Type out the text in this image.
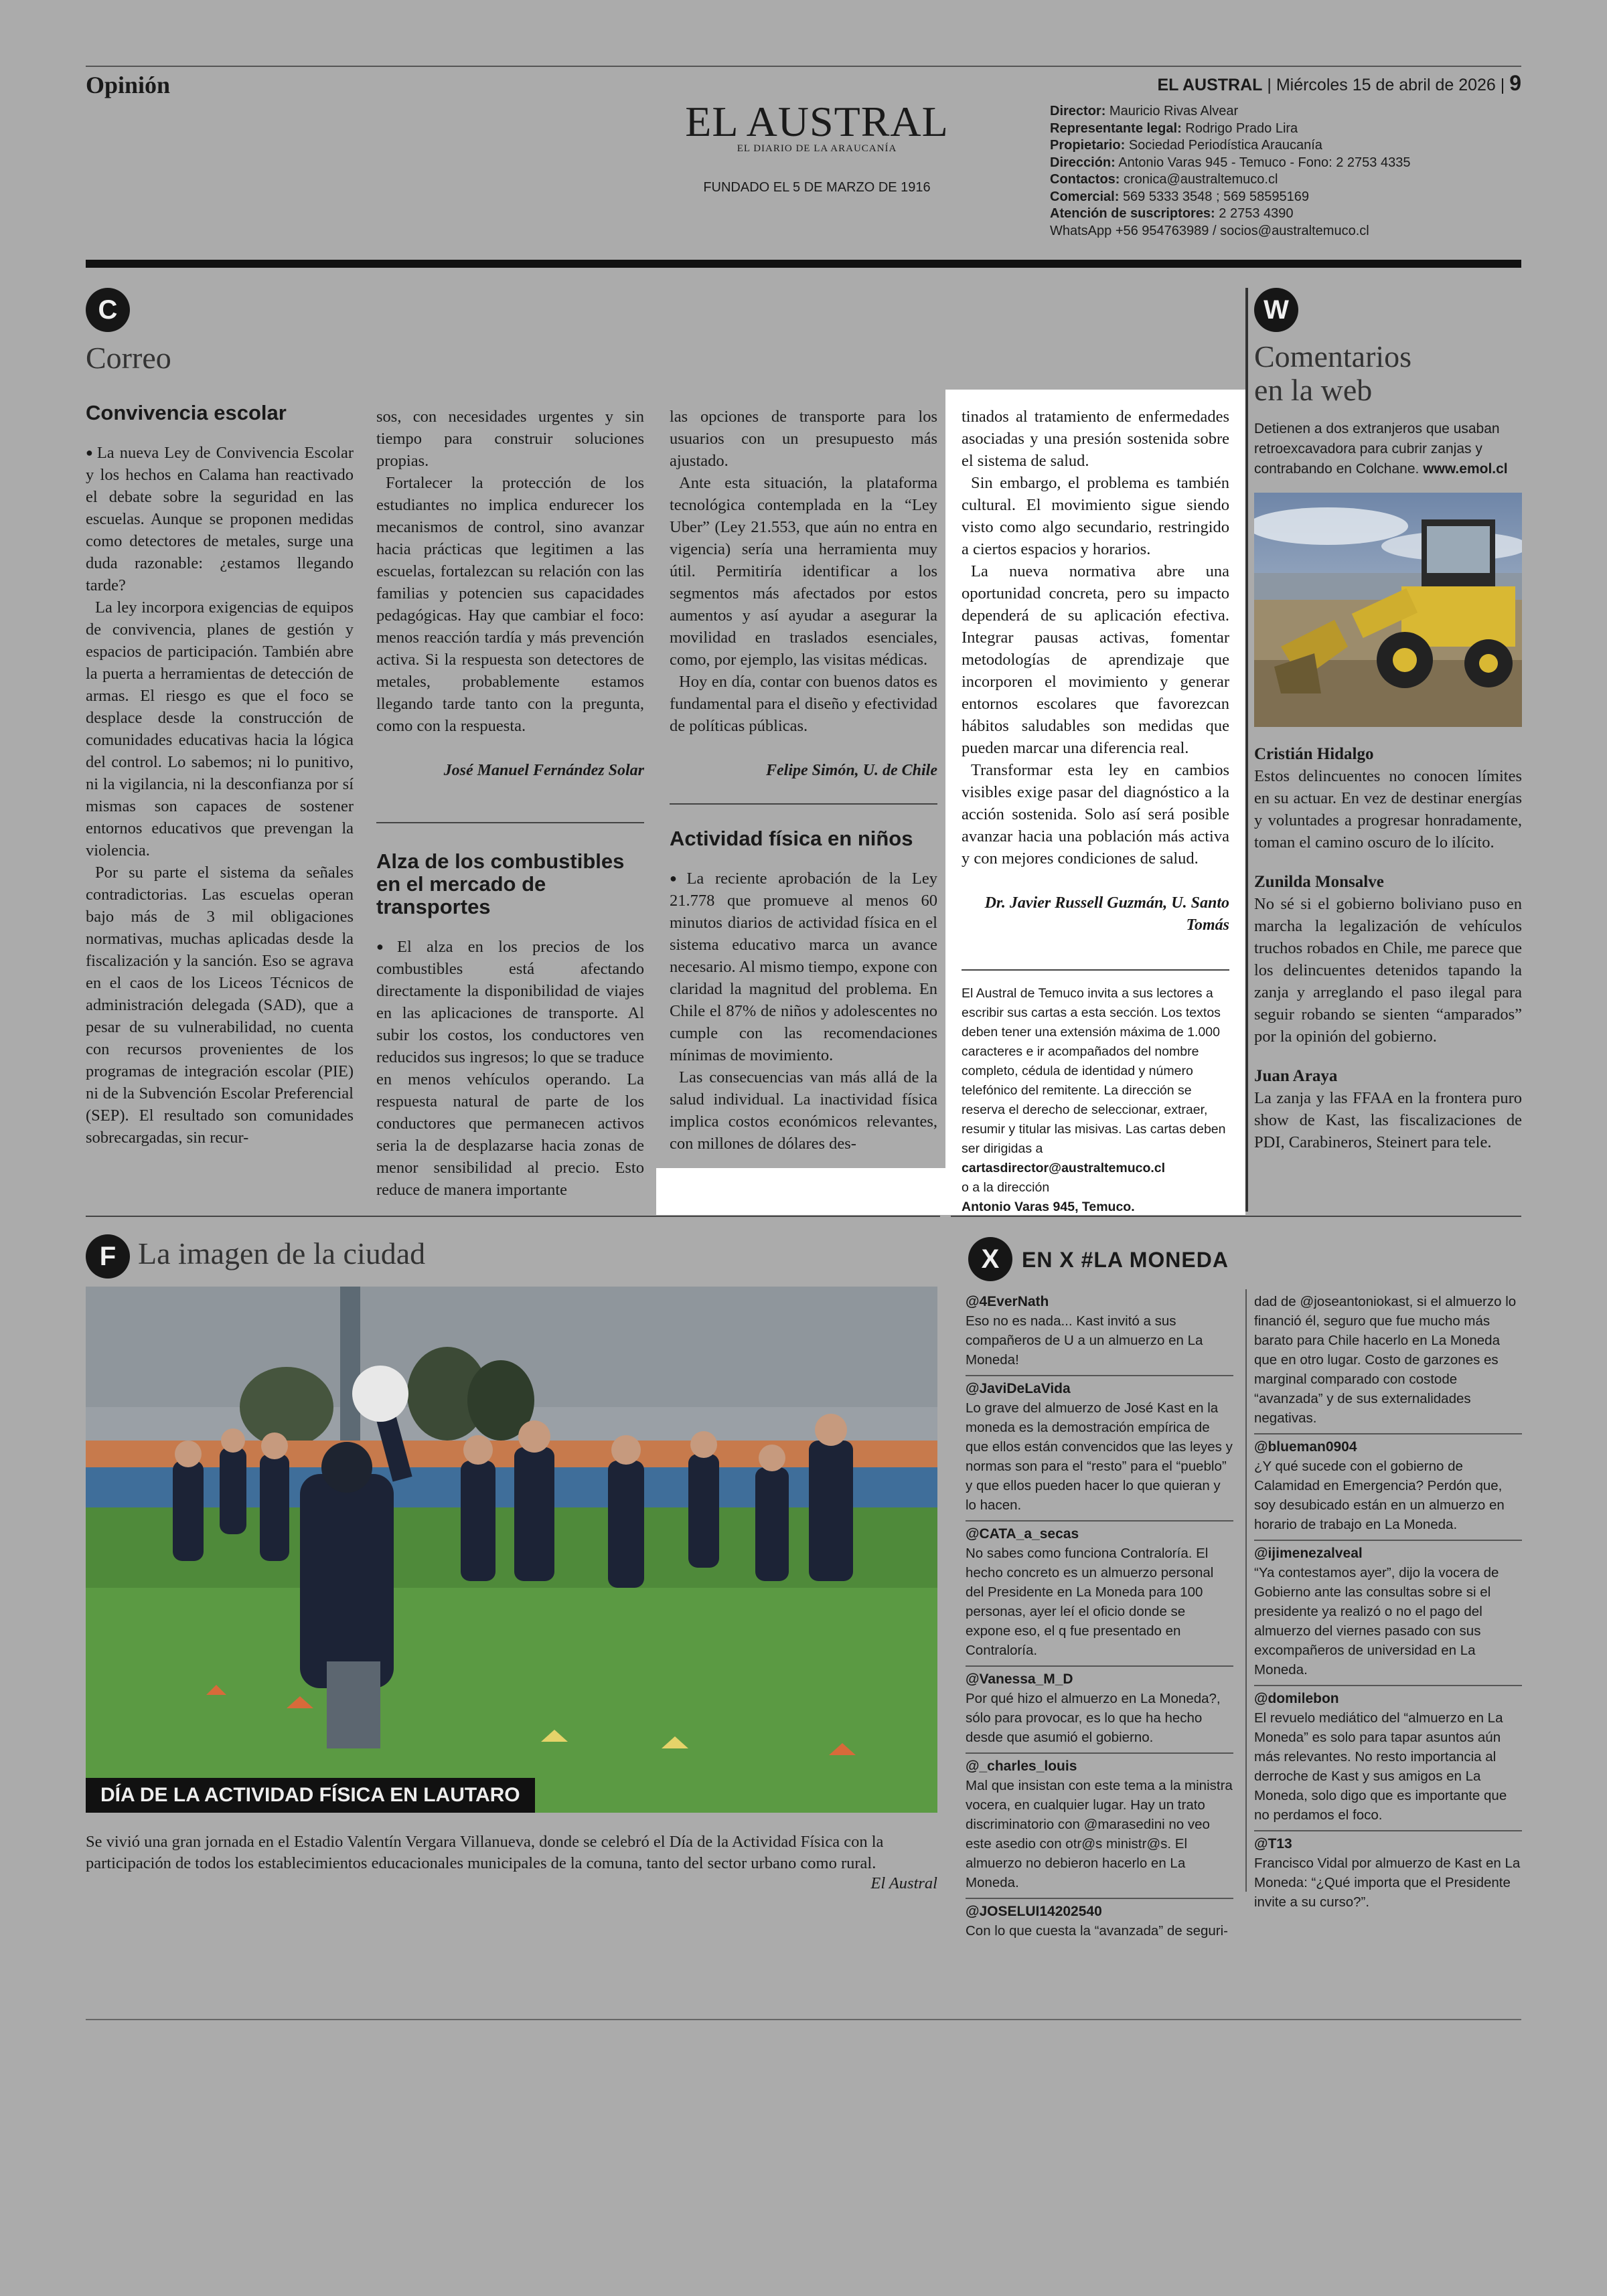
Opinión	EL AUSTRAL | Miércoles 15 de abril de 2026 | 9
EL AUSTRAL
EL DIARIO DE LA ARAUCANÍA
FUNDADO EL 5 DE MARZO DE 1916
Director: Mauricio Rivas Alvear
Representante legal: Rodrigo Prado Lira
Propietario: Sociedad Periodística Araucanía
Dirección: Antonio Varas 945 - Temuco - Fono: 2 2753 4335
Contactos: cronica@australtemuco.cl
Comercial: 569 5333 3548 ; 569 58595169
Atención de suscriptores: 2 2753 4390
WhatsApp +56 954763989 / socios@australtemuco.cl
C
Correo
Convivencia escolar

● La nueva Ley de Convivencia Escolar y los hechos en Calama han reactivado el debate sobre la seguridad en las escuelas. Aunque se proponen medidas como detectores de metales, surge una duda razonable: ¿estamos llegando tarde?

La ley incorpora exigencias de equipos de convivencia, planes de gestión y espacios de participación. También abre la puerta a herramientas de detección de armas. El riesgo es que el foco se desplace desde la construcción de comunidades educativas hacia la lógica del control. Lo sabemos; ni lo punitivo, ni la vigilancia, ni la desconfianza por sí mismas son capaces de sostener entornos educativos que prevengan la violencia.

Por su parte el sistema da señales contradictorias. Las escuelas operan bajo más de 3 mil obligaciones normativas, muchas aplicadas desde la fiscalización y la sanción. Eso se agrava en el caos de los Liceos Técnicos de administración delegada (SAD), que a pesar de su vulnerabilidad, no cuenta con recursos provenientes de los programas de integración escolar (PIE) ni de la Subvención Escolar Preferencial (SEP). El resultado son comunidades sobrecargadas, sin recur-

sos, con necesidades urgentes y sin tiempo para construir soluciones propias.

Fortalecer la protección de los estudiantes no implica endurecer los mecanismos de control, sino avanzar hacia prácticas que legitimen a las escuelas, fortalezcan su relación con las familias y potencien sus capacidades pedagógicas. Hay que cambiar el foco: menos reacción tardía y más prevención activa. Si la respuesta son detectores de metales, probablemente estamos llegando tarde tanto con la pregunta, como con la respuesta.

José Manuel Fernández Solar
Alza de los combustibles en el mercado de transportes

● El alza en los precios de los combustibles está afectando directamente la disponibilidad de viajes en las aplicaciones de transporte. Al subir los costos, los conductores ven reducidos sus ingresos; lo que se traduce en menos vehículos operando. La respuesta natural de parte de los conductores que permanecen activos seria la de desplazarse hacia zonas de menor sensibilidad al precio. Esto reduce de manera importante

las opciones de transporte para los usuarios con un presupuesto más ajustado.

Ante esta situación, la plataforma tecnológica contemplada en la “Ley Uber” (Ley 21.553, que aún no entra en vigencia) sería una herramienta muy útil. Permitiría identificar a los segmentos más afectados por estos aumentos y así ayudar a asegurar la movilidad en traslados esenciales, como, por ejemplo, las visitas médicas.

Hoy en día, contar con buenos datos es fundamental para el diseño y efectividad de políticas públicas.

Felipe Simón, U. de Chile
Actividad física en niños

● La reciente aprobación de la Ley 21.778 que promueve al menos 60 minutos diarios de actividad física en el sistema educativo marca un avance necesario. Al mismo tiempo, expone con claridad la magnitud del problema. En Chile el 87% de niños y adolescentes no cumple con las recomendaciones mínimas de movimiento.

Las consecuencias van más allá de la salud individual. La inactividad física implica costos económicos relevantes, con millones de dólares des-

tinados al tratamiento de enfermedades asociadas y una presión sostenida sobre el sistema de salud.

Sin embargo, el problema es también cultural. El movimiento sigue siendo visto como algo secundario, restringido a ciertos espacios y horarios.

La nueva normativa abre una oportunidad concreta, pero su impacto dependerá de su aplicación efectiva. Integrar pausas activas, fomentar metodologías de aprendizaje que incorporen el movimiento y generar entornos escolares que favorezcan hábitos saludables son medidas que pueden marcar una diferencia real.

Transformar esta ley en cambios visibles exige pasar del diagnóstico a la acción sostenida. Solo así será posible avanzar hacia una población más activa y con mejores condiciones de salud.

Dr. Javier Russell Guzmán, U. Santo Tomás
El Austral de Temuco invita a sus lectores a escribir sus cartas a esta sección. Los textos deben tener una extensión máxima de 1.000 caracteres e ir acompañados del nombre completo, cédula de identidad y número telefónico del remitente. La dirección se reserva el derecho de seleccionar, extraer, resumir y titular las misivas. Las cartas deben ser dirigidas a
cartasdirector@australtemuco.cl
o a la dirección
Antonio Varas 945, Temuco.
W
Comentarios
en la web
Detienen a dos extranjeros que usaban retroexcavadora para cubrir zanjas y contrabando en Colchane. www.emol.cl
Cristián Hidalgo

Estos delincuentes no conocen límites en su actuar. En vez de destinar energías y voluntades a progresar honradamente, toman el camino oscuro de lo ilícito.

Zunilda Monsalve

No sé si el gobierno boliviano puso en marcha la legalización de vehículos truchos robados en Chile, me parece que los delincuentes detenidos tapando la zanja y arreglando el paso ilegal para seguir robando se sienten “amparados” por la opinión del gobierno.

Juan Araya

La zanja y las FFAA en la frontera puro show de Kast, las fiscalizaciones de PDI, Carabineros, Steinert para tele.

F La imagen de la ciudad
DÍA DE LA ACTIVIDAD FÍSICA EN LAUTARO
Se vivió una gran jornada en el Estadio Valentín Vergara Villanueva, donde se celebró el Día de la Actividad Física con la participación de todos los establecimientos educacionales municipales de la comuna, tanto del sector urbano como rural.
El Austral
X	EN X #LA MONEDA
@4EverNath
Eso no es nada... Kast invitó a sus compañeros de U a un almuerzo en La Moneda!
@JaviDeLaVida
Lo grave del almuerzo de José Kast en la moneda es la demostración empírica de que ellos están convencidos que las leyes y normas son para el “resto” para el “pueblo” y que ellos pueden hacer lo que quieran y lo hacen.
@CATA_a_secas
No sabes como funciona Contraloría. El hecho concreto es un almuerzo personal del Presidente en La Moneda para 100 personas, ayer leí el oficio donde se expone eso, el q fue presentado en Contraloría.
@Vanessa_M_D
Por qué hizo el almuerzo en La Moneda?, sólo para provocar, es lo que ha hecho desde que asumió el gobierno.
@_charles_louis
Mal que insistan con este tema a la ministra vocera, en cualquier lugar. Hay un trato discriminatorio con @marasedini no veo este asedio con otr@s ministr@s. El almuerzo no debieron hacerlo en La Moneda.
@JOSELUI14202540
Con lo que cuesta la “avanzada” de seguri-
dad de @joseantoniokast, si el almuerzo lo financió él, seguro que fue mucho más barato para Chile hacerlo en La Moneda que en otro lugar. Costo de garzones es marginal comparado con costode “avanzada” y de sus externalidades negativas.
@blueman0904
¿Y qué sucede con el gobierno de Calamidad en Emergencia? Perdón que, soy desubicado están en un almuerzo en horario de trabajo en La Moneda.
@ijimenezalveal
“Ya contestamos ayer”, dijo la vocera de Gobierno ante las consultas sobre si el presidente ya realizó o no el pago del almuerzo del viernes pasado con sus excompañeros de universidad en La Moneda.
@domilebon
El revuelo mediático del “almuerzo en La Moneda” es solo para tapar asuntos aún más relevantes. No resto importancia al derroche de Kast y sus amigos en La Moneda, solo digo que es importante que no perdamos el foco.
@T13
Francisco Vidal por almuerzo de Kast en La Moneda: “¿Qué importa que el Presidente invite a su curso?”.
